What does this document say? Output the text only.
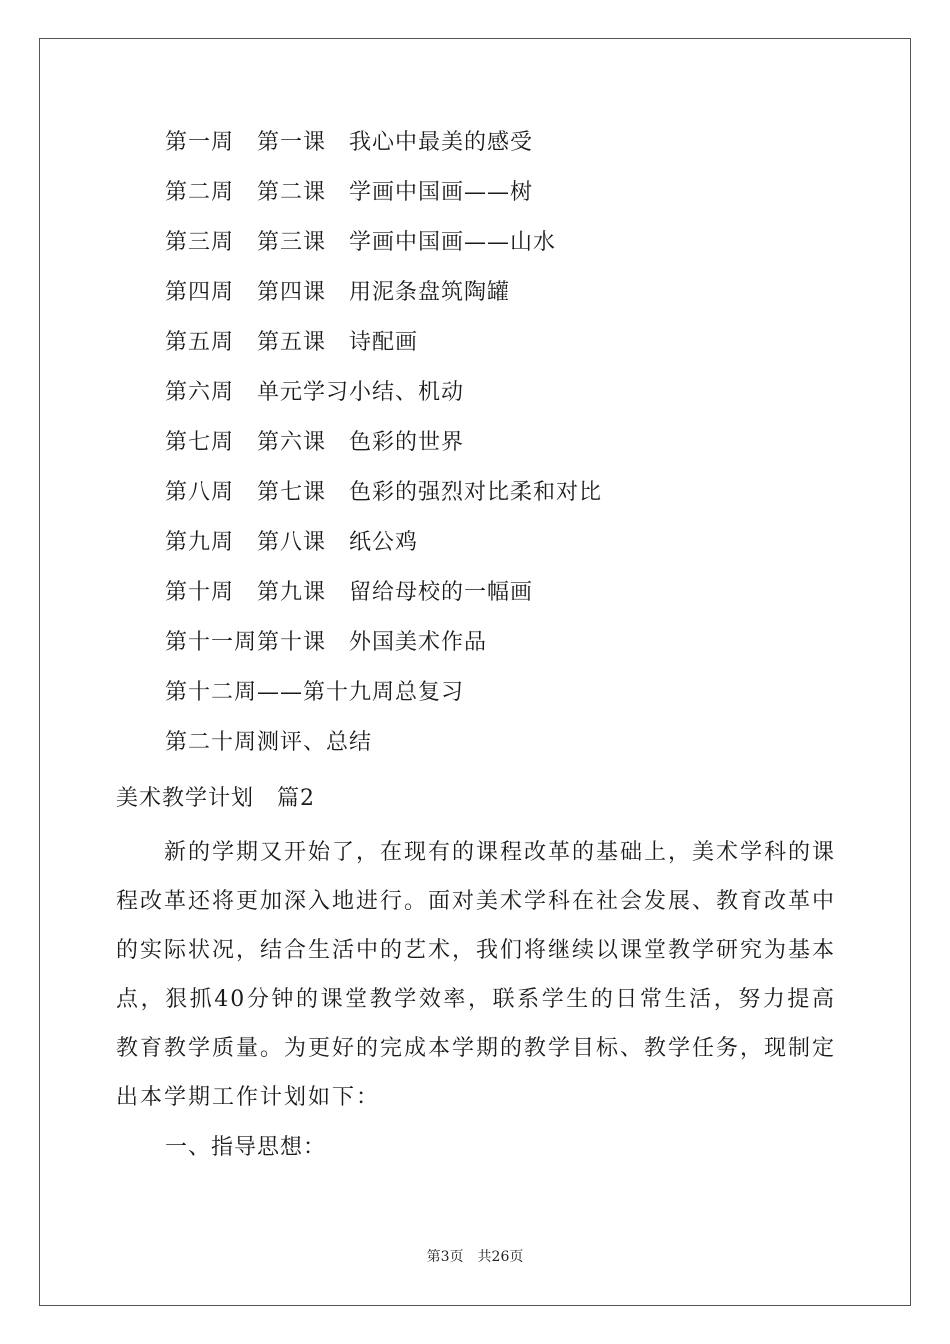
第一周　第一课　我心中最美的感受
第二周　第二课　学画中国画——树
第三周　第三课　学画中国画——山水
第四周　第四课　用泥条盘筑陶罐
第五周　第五课　诗配画
第六周　单元学习小结、机动
第七周　第六课　色彩的世界
第八周　第七课　色彩的强烈对比柔和对比
第九周　第八课　纸公鸡
第十周　第九课　留给母校的一幅画
第十一周第十课　外国美术作品
第十二周——第十九周总复习
第二十周测评、总结
美术教学计划　篇2

新的学期又开始了，在现有的课程改革的基础上，美术学科的课程改革还将更加深入地进行。面对美术学科在社会发展、教育改革中的实际状况，结合生活中的艺术，我们将继续以课堂教学研究为基本点，狠抓40分钟的课堂教学效率，联系学生的日常生活，努力提高教育教学质量。为更好的完成本学期的教学目标、教学任务，现制定出本学期工作计划如下：

一、指导思想：
第3页 共26页
